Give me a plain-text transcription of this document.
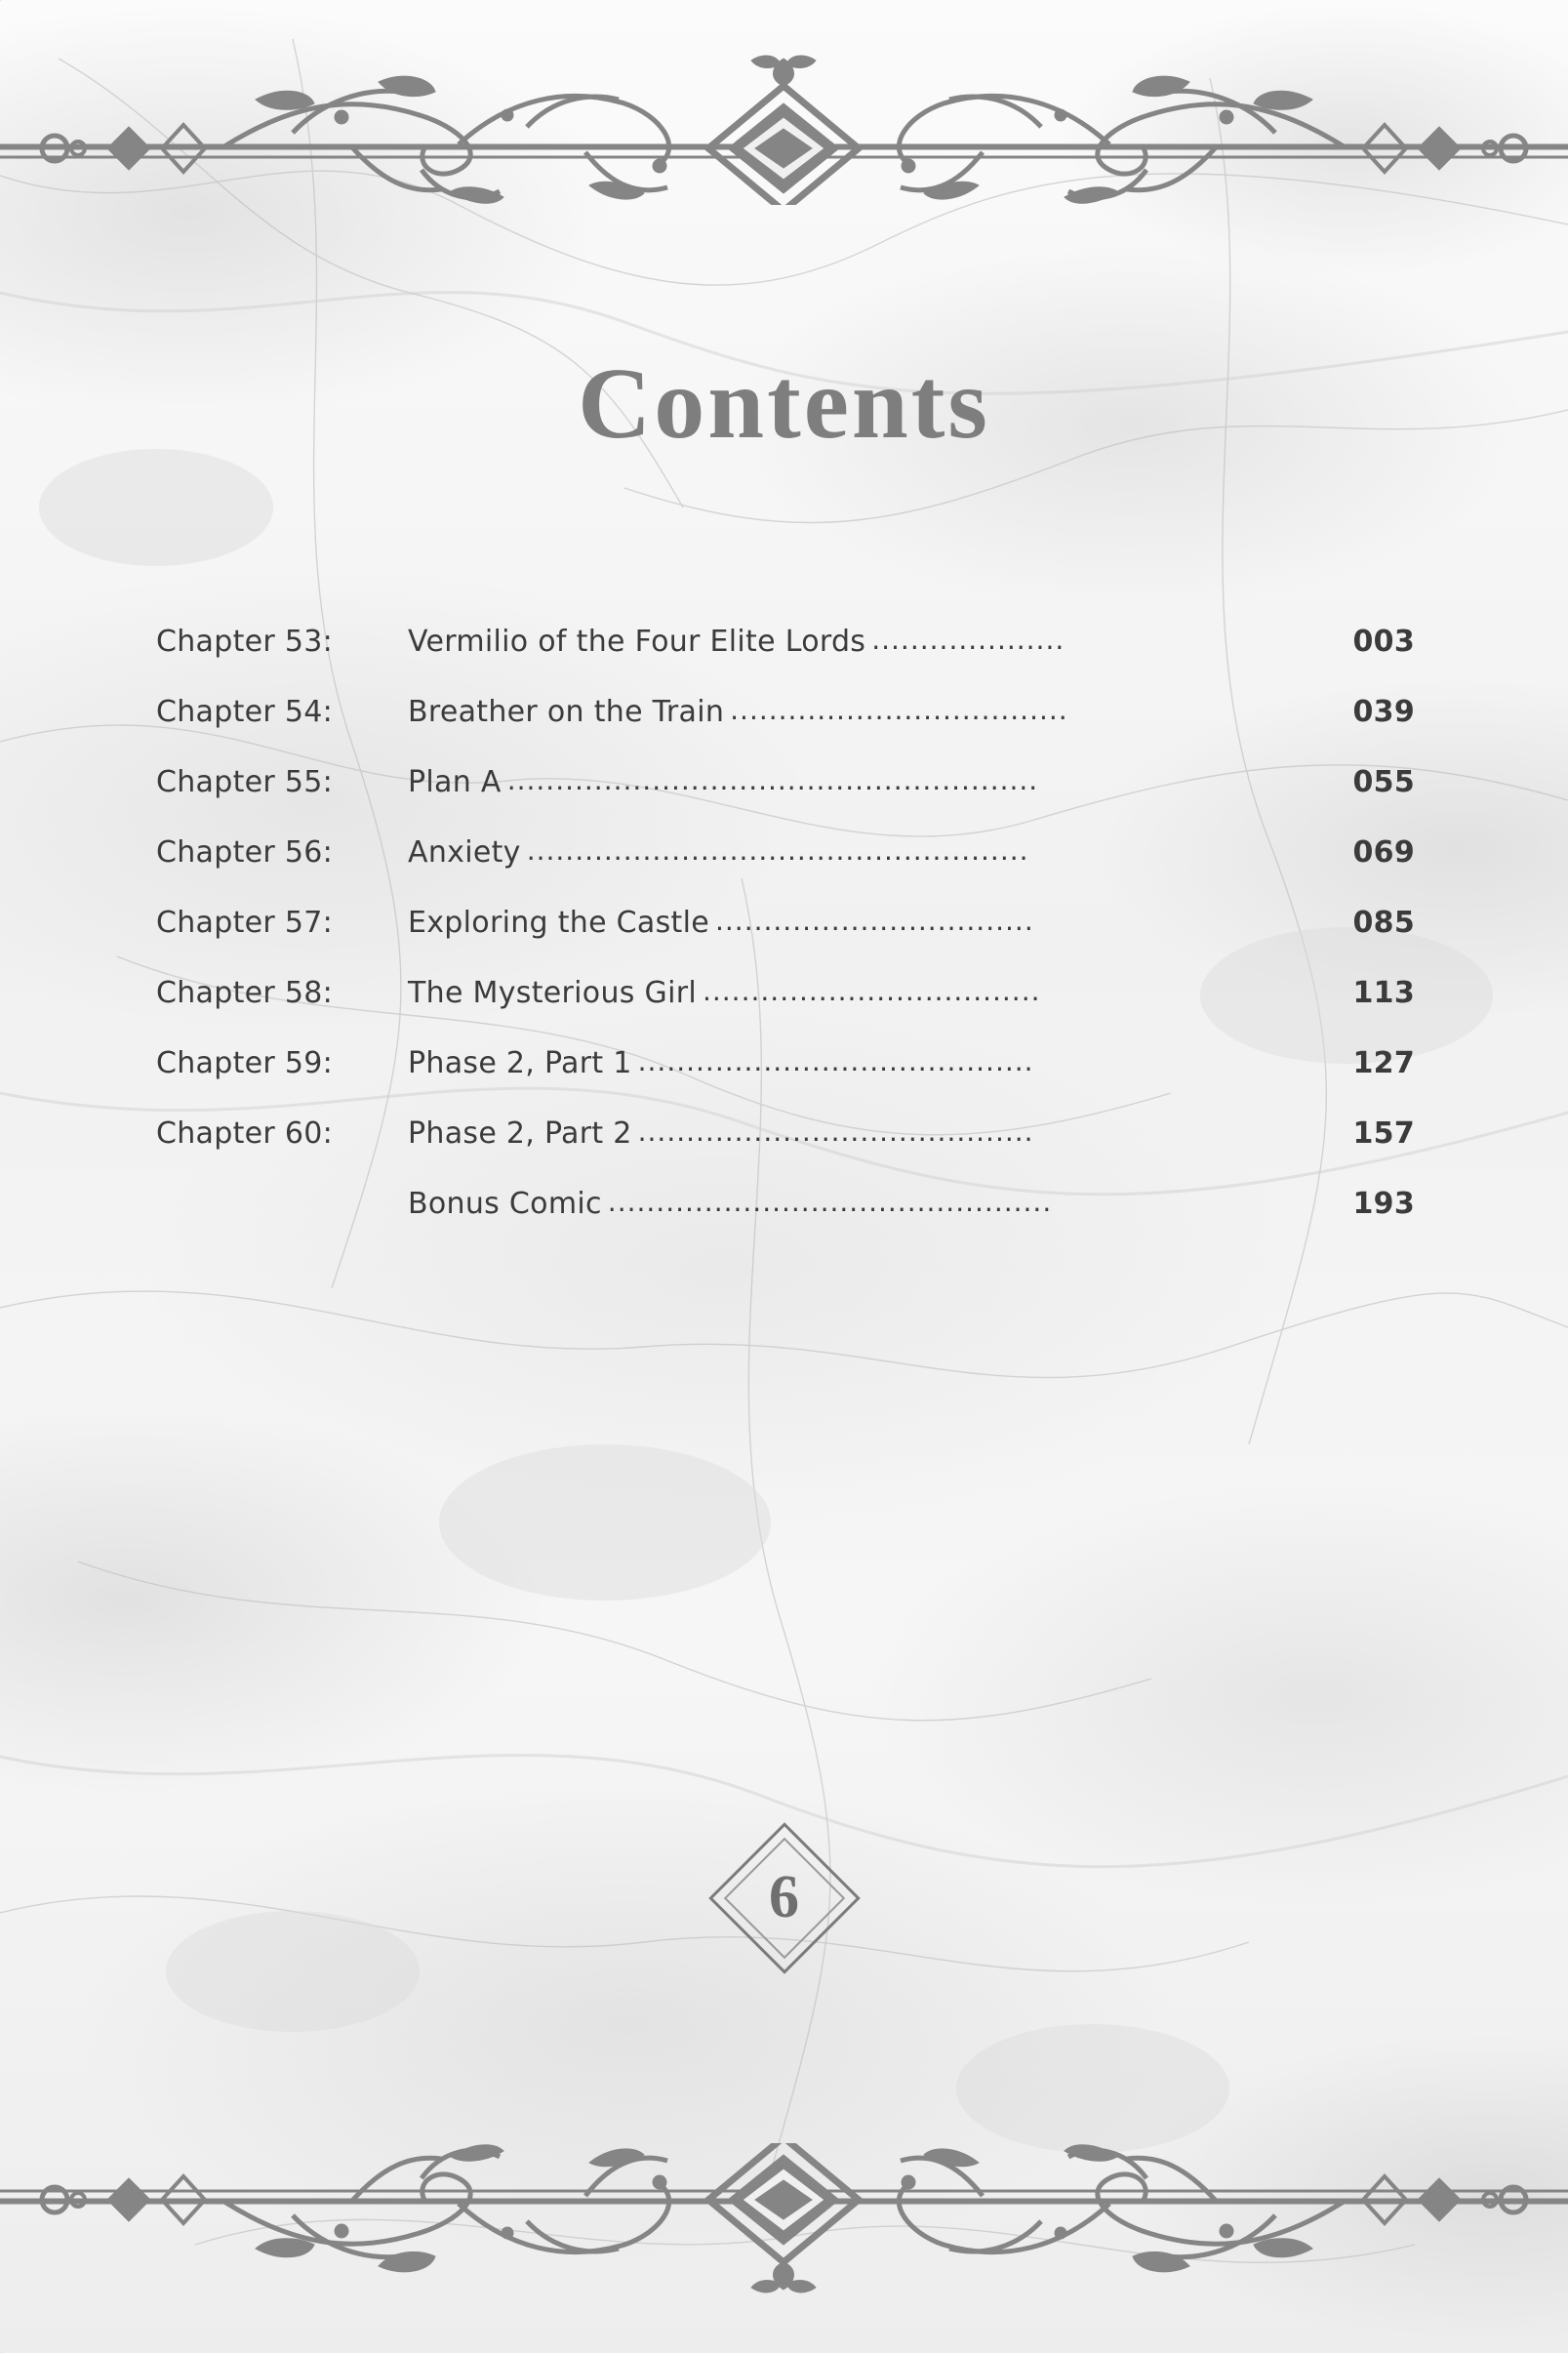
Contents
Chapter 53:	Vermilio of the Four Elite Lords ....................	003
Chapter 54:	Breather on the Train ...................................	039
Chapter 55:	Plan A .......................................................	055
Chapter 56:	Anxiety ....................................................	069
Chapter 57:	Exploring the Castle .................................	085
Chapter 58:	The Mysterious Girl ...................................	113
Chapter 59:	Phase 2, Part 1 .........................................	127
Chapter 60:	Phase 2, Part 2 .........................................	157
Bonus Comic ..............................................	193
6
